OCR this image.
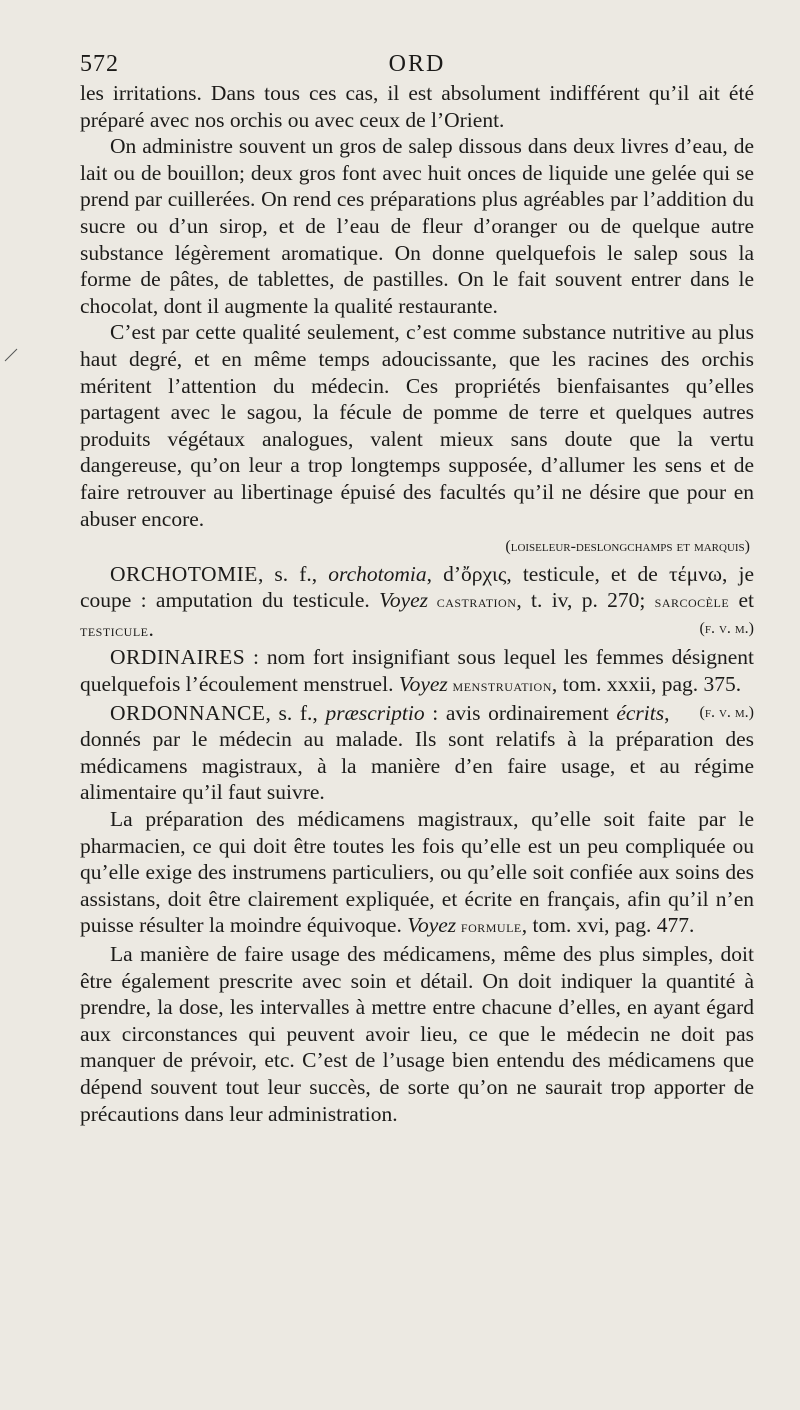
572	ORD

les irritations. Dans tous ces cas, il est absolument indifférent qu’il ait été préparé avec nos orchis ou avec ceux de l’Orient.

On administre souvent un gros de salep dissous dans deux livres d’eau, de lait ou de bouillon; deux gros font avec huit onces de liquide une gelée qui se prend par cuillerées. On rend ces préparations plus agréables par l’addition du sucre ou d’un sirop, et de l’eau de fleur d’oranger ou de quelque autre substance légèrement aromatique. On donne quelquefois le salep sous la forme de pâtes, de tablettes, de pastilles. On le fait souvent entrer dans le chocolat, dont il augmente la qualité restaurante.

C’est par cette qualité seulement, c’est comme substance nutritive au plus haut degré, et en même temps adoucissante, que les racines des orchis méritent l’attention du médecin. Ces propriétés bienfaisantes qu’elles partagent avec le sagou, la fécule de pomme de terre et quelques autres produits végétaux analogues, valent mieux sans doute que la vertu dangereuse, qu’on leur a trop longtemps supposée, d’allumer les sens et de faire retrouver au libertinage épuisé des facultés qu’il ne désire que pour en abuser encore.

(loiseleur-deslongchamps et marquis)

ORCHOTOMIE, s. f., orchotomia, d’ὄρχις, testicule, et de τέμνω, je coupe : amputation du testicule. Voyez castration, t. iv, p. 270; sarcocèle et testicule.	(f. v. m.)

ORDINAIRES : nom fort insignifiant sous lequel les femmes désignent quelquefois l’écoulement menstruel. Voyez menstruation, tom. xxxii, pag. 375.
(f. v. m.)

ORDONNANCE, s. f., præscriptio : avis ordinairement écrits, donnés par le médecin au malade. Ils sont relatifs à la préparation des médicamens magistraux, à la manière d’en faire usage, et au régime alimentaire qu’il faut suivre.

La préparation des médicamens magistraux, qu’elle soit faite par le pharmacien, ce qui doit être toutes les fois qu’elle est un peu compliquée ou qu’elle exige des instrumens particuliers, ou qu’elle soit confiée aux soins des assistans, doit être clairement expliquée, et écrite en français, afin qu’il n’en puisse résulter la moindre équivoque. Voyez formule, tom. xvi, pag. 477.

La manière de faire usage des médicamens, même des plus simples, doit être également prescrite avec soin et détail. On doit indiquer la quantité à prendre, la dose, les intervalles à mettre entre chacune d’elles, en ayant égard aux circonstances qui peuvent avoir lieu, ce que le médecin ne doit pas manquer de prévoir, etc. C’est de l’usage bien entendu des médicamens que dépend souvent tout leur succès, de sorte qu’on ne saurait trop apporter de précautions dans leur administration.
